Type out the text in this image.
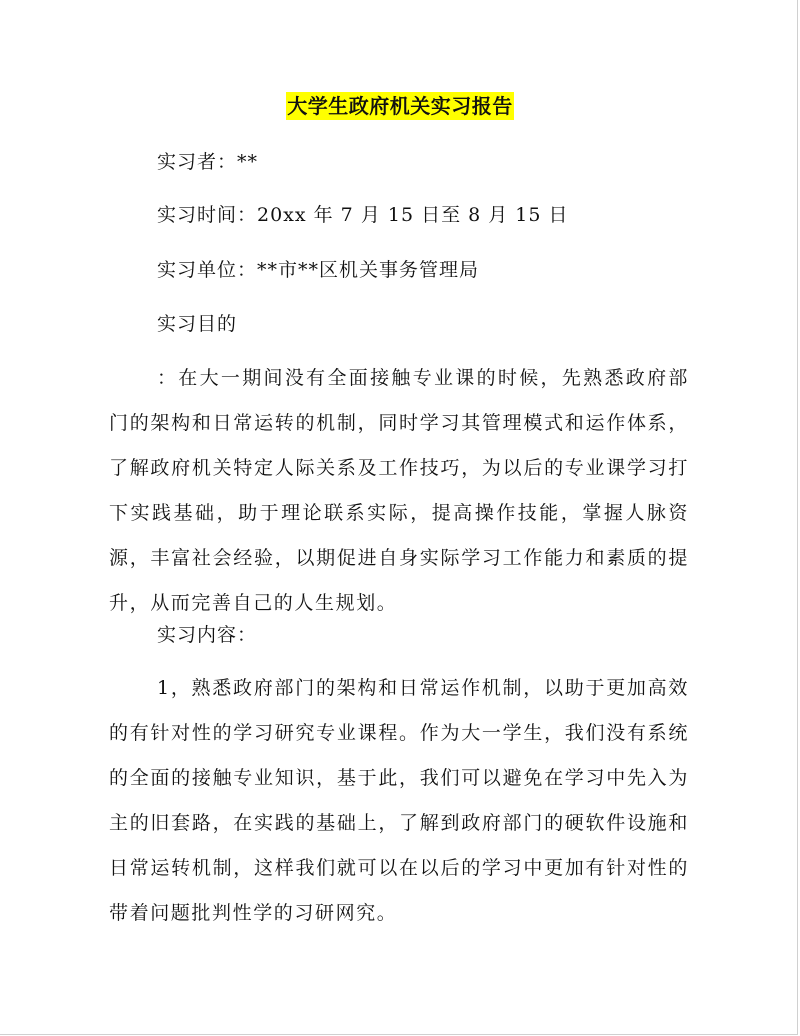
大学生政府机关实习报告
实习者：**
实习时间：20xx 年 7 月 15 日至 8 月 15 日
实习单位：**市**区机关事务管理局
实习目的
：在大一期间没有全面接触专业课的时候，先熟悉政府部门的架构和日常运转的机制，同时学习其管理模式和运作体系，了解政府机关特定人际关系及工作技巧，为以后的专业课学习打下实践基础，助于理论联系实际，提高操作技能，掌握人脉资源，丰富社会经验，以期促进自身实际学习工作能力和素质的提升，从而完善自己的人生规划。
实习内容：
1，熟悉政府部门的架构和日常运作机制，以助于更加高效的有针对性的学习研究专业课程。作为大一学生，我们没有系统的全面的接触专业知识，基于此，我们可以避免在学习中先入为主的旧套路，在实践的基础上，了解到政府部门的硬软件设施和日常运转机制，这样我们就可以在以后的学习中更加有针对性的带着问题批判性学的习研网究。
